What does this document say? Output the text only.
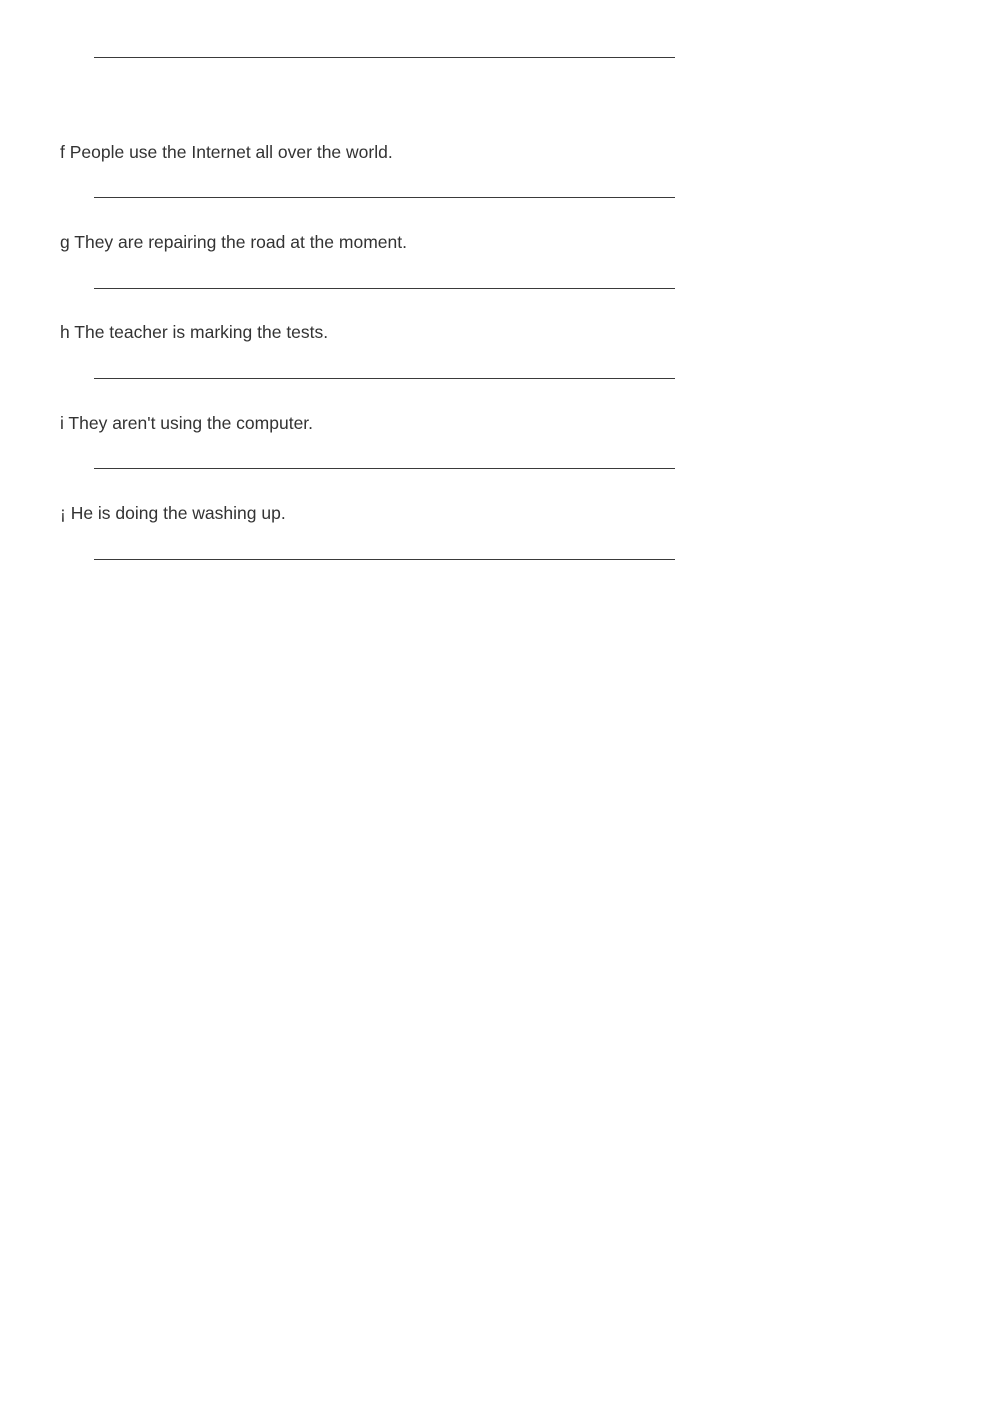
f People use the Internet all over the world.
g They are repairing the road at the moment.
h The teacher is marking the tests.
i They aren't using the computer.
¡ He is doing the washing up.
